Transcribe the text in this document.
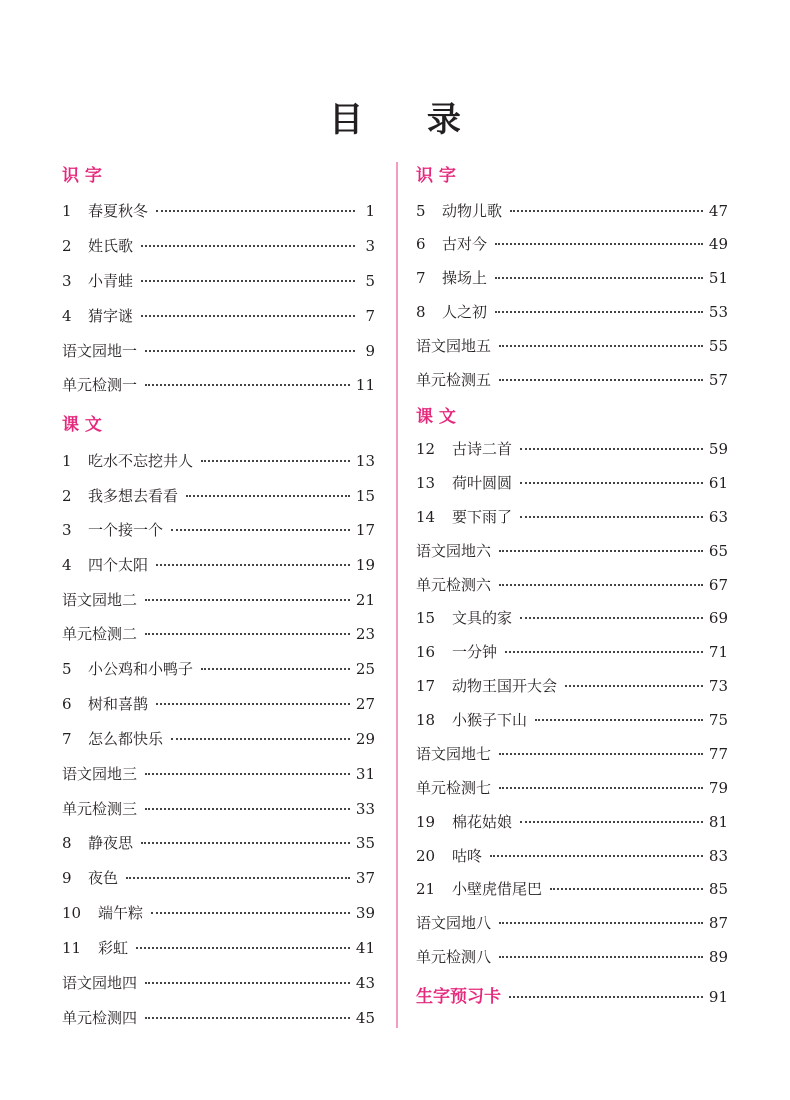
目 录
识 字
1	春夏秋冬	1
2	姓氏歌	3
3	小青蛙	5
4	猜字谜	7
语文园地一	9
单元检测一	11
课 文
1	吃水不忘挖井人	13
2	我多想去看看	15
3	一个接一个	17
4	四个太阳	19
语文园地二	21
单元检测二	23
5	小公鸡和小鸭子	25
6	树和喜鹊	27
7	怎么都快乐	29
语文园地三	31
单元检测三	33
8	静夜思	35
9	夜色	37
10	端午粽	39
11	彩虹	41
语文园地四	43
单元检测四	45
识 字
5	动物儿歌	47
6	古对今	49
7	操场上	51
8	人之初	53
语文园地五	55
单元检测五	57
课 文
12	古诗二首	59
13	荷叶圆圆	61
14	要下雨了	63
语文园地六	65
单元检测六	67
15	文具的家	69
16	一分钟	71
17	动物王国开大会	73
18	小猴子下山	75
语文园地七	77
单元检测七	79
19	棉花姑娘	81
20	咕咚	83
21	小壁虎借尾巴	85
语文园地八	87
单元检测八	89
生字预习卡	91
